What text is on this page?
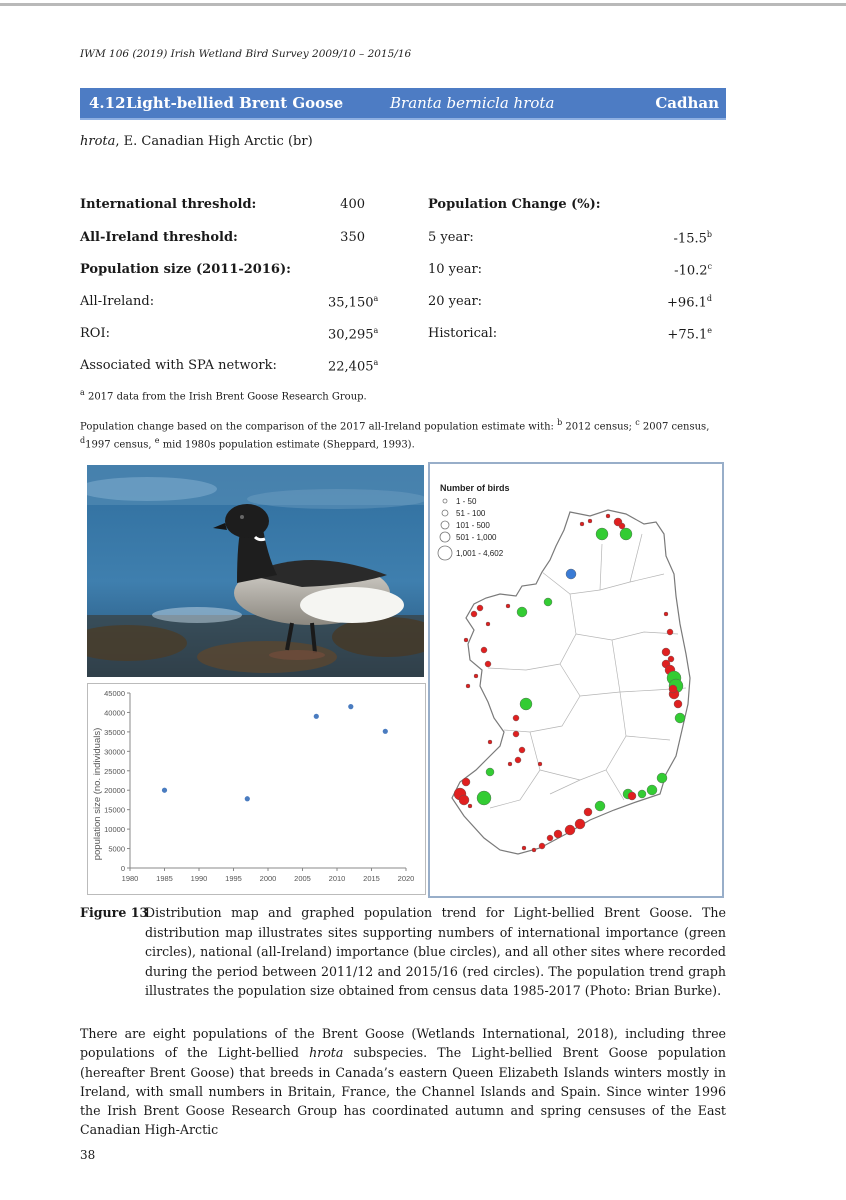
IWM 106 (2019) Irish Wetland Bird Survey 2009/10 – 2015/16
4.12 Light-bellied Brent Goose	Branta bernicla hrota	Cadhan
hrota, E. Canadian High Arctic (br)
International threshold:	400
All-Ireland threshold:	350
Population size (2011-2016):
All-Ireland:	35,150$^a$
ROI:	30,295$^a$
Associated with SPA network:	22,405$^a$
Population Change (%):
5 year:	-15.5$^b$
10 year:	-10.2$^c$
20 year:	+96.1$^d$
Historical:	+75.1$^e$
$^a$ 2017 data from the Irish Brent Goose Research Group.
Population change based on the comparison of the 2017 all-Ireland population estimate with: $^b$ 2012 census; $^c$ 2007 census, $^d$1997 census, $^e$ mid 1980s population estimate (Sheppard, 1993).
0
5000
10000
15000
20000
25000
30000
35000
40000
45000
1980 1985 1990 1995 2000 2005 2010 2015 2020
population size (no. individuals)
Number of birds
1 - 50
51 - 100
101 - 500
501 - 1,000
1,001 - 4,602
Figure 13
Distribution map and graphed population trend for Light-bellied Brent Goose. The distribution map illustrates sites supporting numbers of international importance (green circles), national (all-Ireland) importance (blue circles), and all other sites where recorded during the period between 2011/12 and 2015/16 (red circles). The population trend graph illustrates the population size obtained from census data 1985-2017 (Photo: Brian Burke).
There are eight populations of the Brent Goose (Wetlands International, 2018), including three populations of the Light-bellied hrota subspecies. The Light-bellied Brent Goose population (hereafter Brent Goose) that breeds in Canada’s eastern Queen Elizabeth Islands winters mostly in Ireland, with small numbers in Britain, France, the Channel Islands and Spain. Since winter 1996 the Irish Brent Goose Research Group has coordinated autumn and spring censuses of the East Canadian High-Arctic
38
